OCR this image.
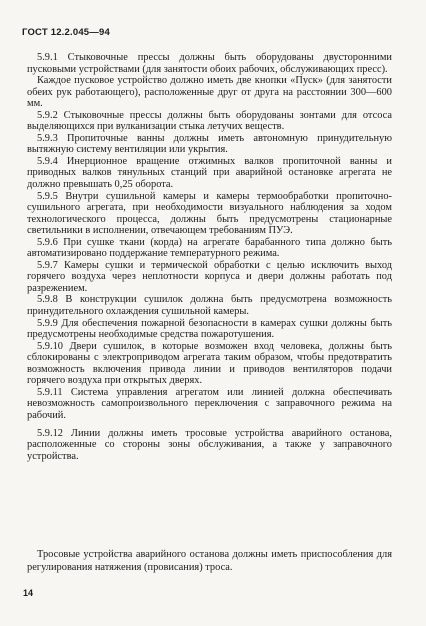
ГОСТ 12.2.045—94

5.9.1 Стыковочные прессы должны быть оборудованы двусторонними пусковыми устройствами (для занятости обоих рабочих, обслуживающих пресс).

Каждое пусковое устройство должно иметь две кнопки «Пуск» (для занятости обеих рук работающего), расположенные друг от друга на расстоянии 300—600 мм.

5.9.2 Стыковочные прессы должны быть оборудованы зонтами для отсоса выделяющихся при вулканизации стыка летучих веществ.

5.9.3 Пропиточные ванны должны иметь автономную принудительную вытяжную систему вентиляции или укрытия.

5.9.4 Инерционное вращение отжимных валков пропиточной ванны и приводных валков тянульных станций при аварийной остановке агрегата не должно превышать 0,25 оборота.

5.9.5 Внутри сушильной камеры и камеры термообработки пропиточно-сушильного агрегата, при необходимости визуального наблюдения за ходом технологического процесса, должны быть предусмотрены стационарные светильники в исполнении, отвечающем требованиям ПУЭ.

5.9.6 При сушке ткани (корда) на агрегате барабанного типа должно быть автоматизировано поддержание температурного режима.

5.9.7 Камеры сушки и термической обработки с целью исключить выход горячего воздуха через неплотности корпуса и двери должны работать под разрежением.

5.9.8 В конструкции сушилок должна быть предусмотрена возможность принудительного охлаждения сушильной камеры.

5.9.9 Для обеспечения пожарной безопасности в камерах сушки должны быть предусмотрены необходимые средства пожаротушения.

5.9.10 Двери сушилок, в которые возможен вход человека, должны быть сблокированы с электроприводом агрегата таким образом, чтобы предотвратить возможность включения привода линии и приводов вентиляторов подачи горячего воздуха при открытых дверях.

5.9.11 Система управления агрегатом или линией должна обеспечивать невозможность самопроизвольного переключения с заправочного режима на рабочий.

5.9.12 Линии должны иметь тросовые устройства аварийного останова, расположенные со стороны зоны обслуживания, а также у заправочного устройства.

Тросовые устройства аварийного останова должны иметь приспособления для регулирования натяжения (провисания) троса.

14
